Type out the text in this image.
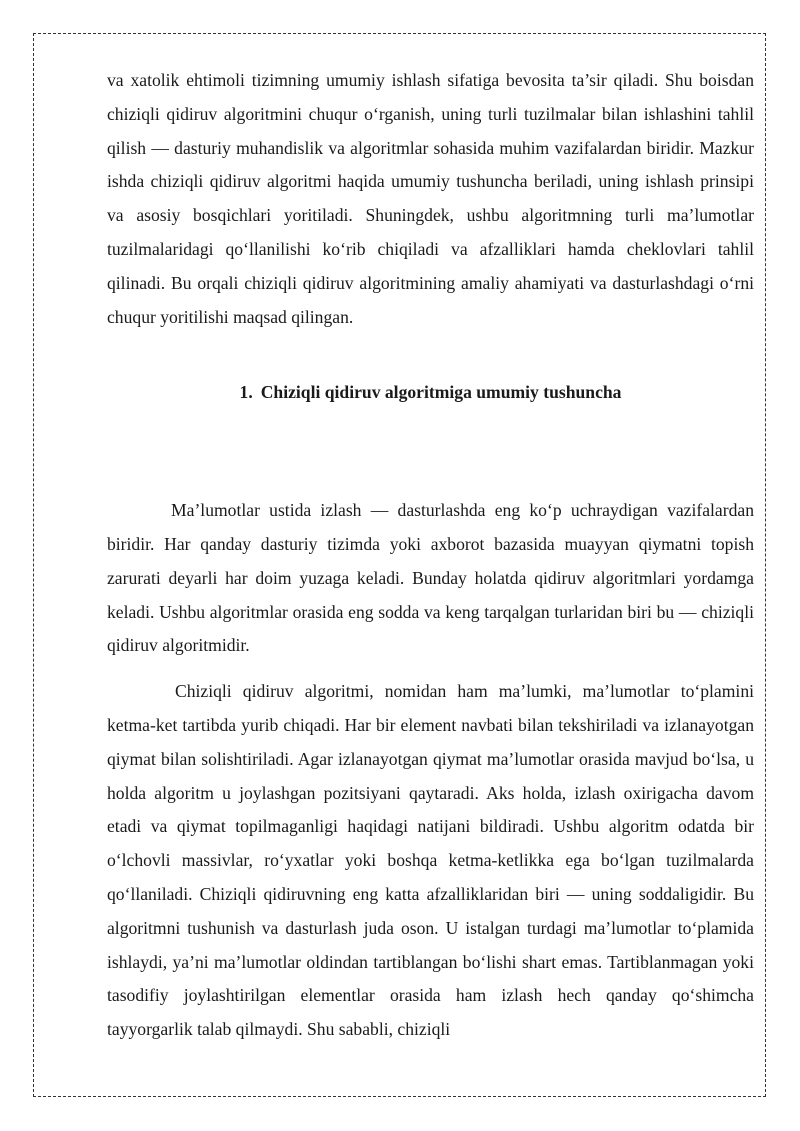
va xatolik ehtimoli tizimning umumiy ishlash sifatiga bevosita ta’sir qiladi. Shu boisdan chiziqli qidiruv algoritmini chuqur o‘rganish, uning turli tuzilmalar bilan ishlashini tahlil qilish — dasturiy muhandislik va algoritmlar sohasida muhim vazifalardan biridir. Mazkur ishda chiziqli qidiruv algoritmi haqida umumiy tushuncha beriladi, uning ishlash prinsipi va asosiy bosqichlari yoritiladi. Shuningdek, ushbu algoritmning turli ma’lumotlar tuzilmalaridagi qo‘llanilishi ko‘rib chiqiladi va afzalliklari hamda cheklovlari tahlil qilinadi. Bu orqali chiziqli qidiruv algoritmining amaliy ahamiyati va dasturlashdagi o‘rni chuqur yoritilishi maqsad qilingan.

1. Chiziqli qidiruv algoritmiga umumiy tushuncha

Ma’lumotlar ustida izlash — dasturlashda eng ko‘p uchraydigan vazifalardan biridir. Har qanday dasturiy tizimda yoki axborot bazasida muayyan qiymatni topish zarurati deyarli har doim yuzaga keladi. Bunday holatda qidiruv algoritmlari yordamga keladi. Ushbu algoritmlar orasida eng sodda va keng tarqalgan turlaridan biri bu — chiziqli qidiruv algoritmidir.

Chiziqli qidiruv algoritmi, nomidan ham ma’lumki, ma’lumotlar to‘plamini ketma-ket tartibda yurib chiqadi. Har bir element navbati bilan tekshiriladi va izlanayotgan qiymat bilan solishtiriladi. Agar izlanayotgan qiymat ma’lumotlar orasida mavjud bo‘lsa, u holda algoritm u joylashgan pozitsiyani qaytaradi. Aks holda, izlash oxirigacha davom etadi va qiymat topilmaganligi haqidagi natijani bildiradi. Ushbu algoritm odatda bir o‘lchovli massivlar, ro‘yxatlar yoki boshqa ketma-ketlikka ega bo‘lgan tuzilmalarda qo‘llaniladi. Chiziqli qidiruvning eng katta afzalliklaridan biri — uning soddaligidir. Bu algoritmni tushunish va dasturlash juda oson. U istalgan turdagi ma’lumotlar to‘plamida ishlaydi, ya’ni ma’lumotlar oldindan tartiblangan bo‘lishi shart emas. Tartiblanmagan yoki tasodifiy joylashtirilgan elementlar orasida ham izlash hech qanday qo‘shimcha tayyorgarlik talab qilmaydi. Shu sababli, chiziqli
